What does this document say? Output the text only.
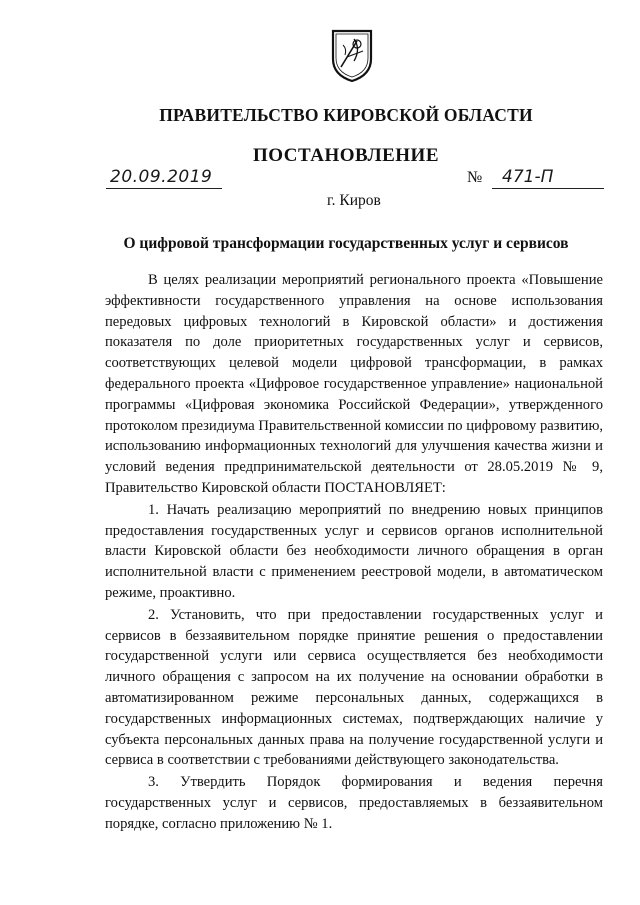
ПРАВИТЕЛЬСТВО КИРОВСКОЙ ОБЛАСТИ
ПОСТАНОВЛЕНИЕ
20.09.2019	№ 471-П
г. Киров
О цифровой трансформации государственных услуг и сервисов

В целях реализации мероприятий регионального проекта «Повышение эффективности государственного управления на основе использования передовых цифровых технологий в Кировской области» и достижения показателя по доле приоритетных государственных услуг и сервисов, соответствующих целевой модели цифровой трансформации, в рамках федерального проекта «Цифровое государственное управление» национальной программы «Цифровая экономика Российской Федерации», утвержденного протоколом президиума Правительственной комиссии по цифровому развитию, использованию информационных технологий для улучшения качества жизни и условий ведения предпринимательской деятельности от 28.05.2019 № 9, Правительство Кировской области ПОСТАНОВЛЯЕТ:

1. Начать реализацию мероприятий по внедрению новых принципов предоставления государственных услуг и сервисов органов исполнительной власти Кировской области без необходимости личного обращения в орган исполнительной власти с применением реестровой модели, в автоматическом режиме, проактивно.

2. Установить, что при предоставлении государственных услуг и сервисов в беззаявительном порядке принятие решения о предоставлении государственной услуги или сервиса осуществляется без необходимости личного обращения с запросом на их получение на основании обработки в автоматизированном режиме персональных данных, содержащихся в государственных информационных системах, подтверждающих наличие у субъекта персональных данных права на получение государственной услуги и сервиса в соответствии с требованиями действующего законодательства.

3. Утвердить Порядок формирования и ведения перечня государственных услуг и сервисов, предоставляемых в беззаявительном порядке, согласно приложению № 1.
